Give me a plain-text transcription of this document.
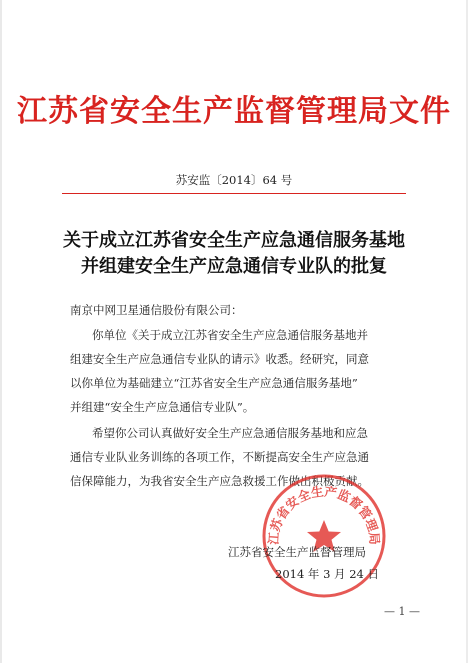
江苏省安全生产监督管理局文件
苏安监〔2014〕64 号
关于成立江苏省安全生产应急通信服务基地
并组建安全生产应急通信专业队的批复
南京中网卫星通信股份有限公司：
你单位《关于成立江苏省安全生产应急通信服务基地并
组建安全生产应急通信专业队的请示》收悉。经研究，同意
以你单位为基础建立“江苏省安全生产应急通信服务基地”
并组建“安全生产应急通信专业队”。
希望你公司认真做好安全生产应急通信服务基地和应急
通信专业队业务训练的各项工作，不断提高安全生产应急通
信保障能力，为我省安全生产应急救援工作做出积极贡献。
江苏省安全生产监督管理局
江苏省安全生产监督管理局
2014 年 3 月 24 日
— 1 —
